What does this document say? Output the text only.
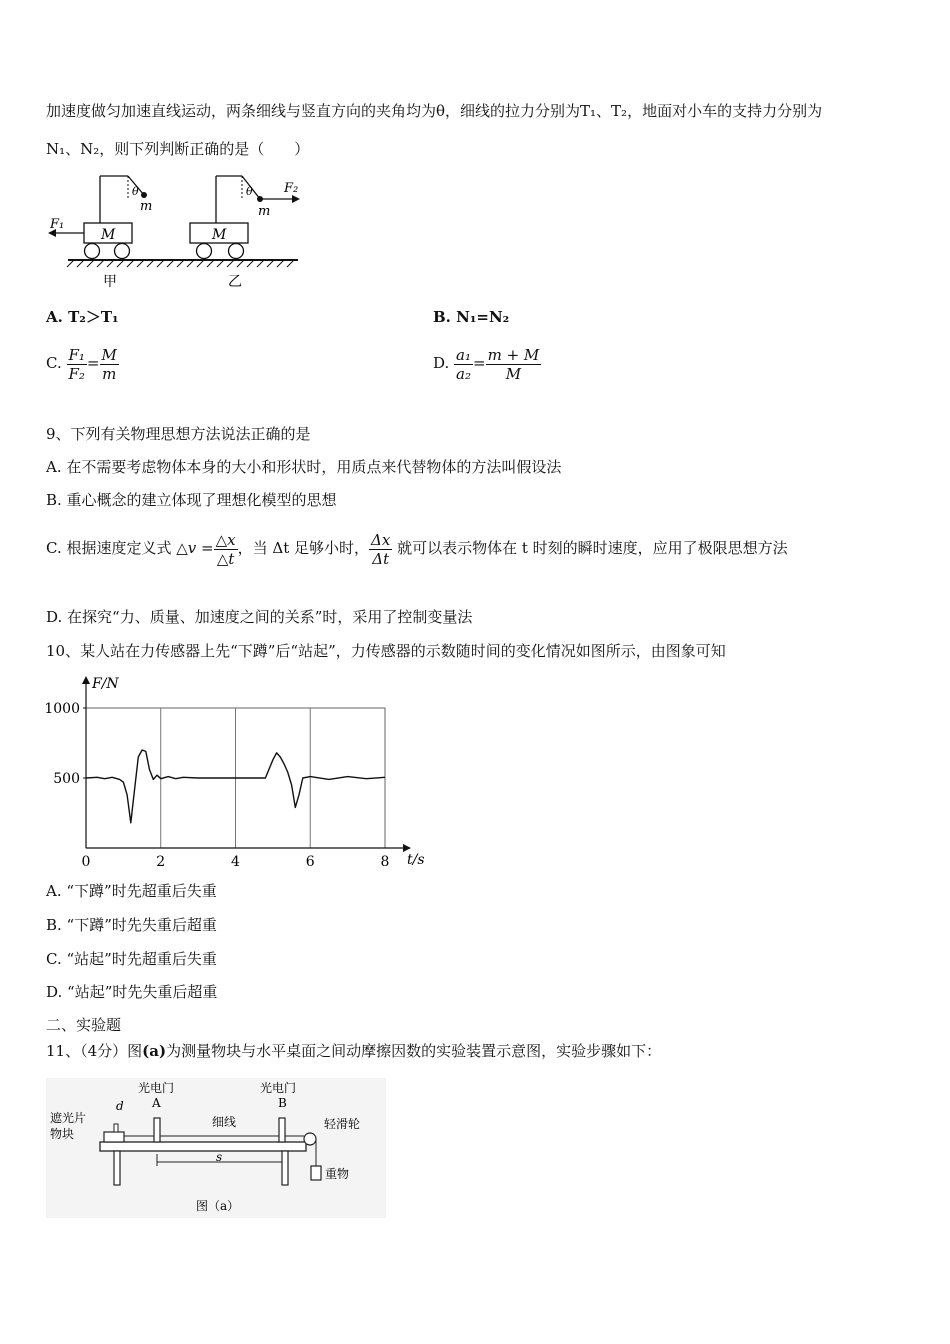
加速度做匀加速直线运动，两条细线与竖直方向的夹角均为θ，细线的拉力分别为T₁、T₂，地面对小车的支持力分别为
N₁、N₂，则下列判断正确的是（　　）
θ
m
M
F₁
甲
θ
m
M
F₂
乙
A. T₂＞T₁	B. N₁=N₂
C. $\frac{\text{F₁}}{\text{F₂}} = \frac{M}{m}$	D. $\frac{\text{a₁}}{\text{a₂}} = \frac{m + M}{M}$
9、下列有关物理思想方法说法正确的是
A. 在不需要考虑物体本身的大小和形状时，用质点来代替物体的方法叫假设法
B. 重心概念的建立体现了理想化模型的思想
C. 根据速度定义式 △v = $\frac{\triangle x}{\triangle t}$ ，当 Δt 足够小时， $\frac{\Delta x}{\Delta t}$ 就可以表示物体在 t 时刻的瞬时速度，应用了极限思想方法
D. 在探究“力、质量、加速度之间的关系”时，采用了控制变量法
10、某人站在力传感器上先“下蹲”后“站起”，力传感器的示数随时间的变化情况如图所示，由图象可知
500
1000
0	2	4	6	8
F/N
t/s
A. “下蹲”时先超重后失重
B. “下蹲”时先失重后超重
C. “站起”时先超重后失重
D. “站起”时先失重后超重
二、实验题
11、（4分）图(a)为测量物块与水平桌面之间动摩擦因数的实验装置示意图，实验步骤如下：
光电门
A
光电门
B
d
遮光片
物块
细线	轻滑轮
重物
s
图（a）
